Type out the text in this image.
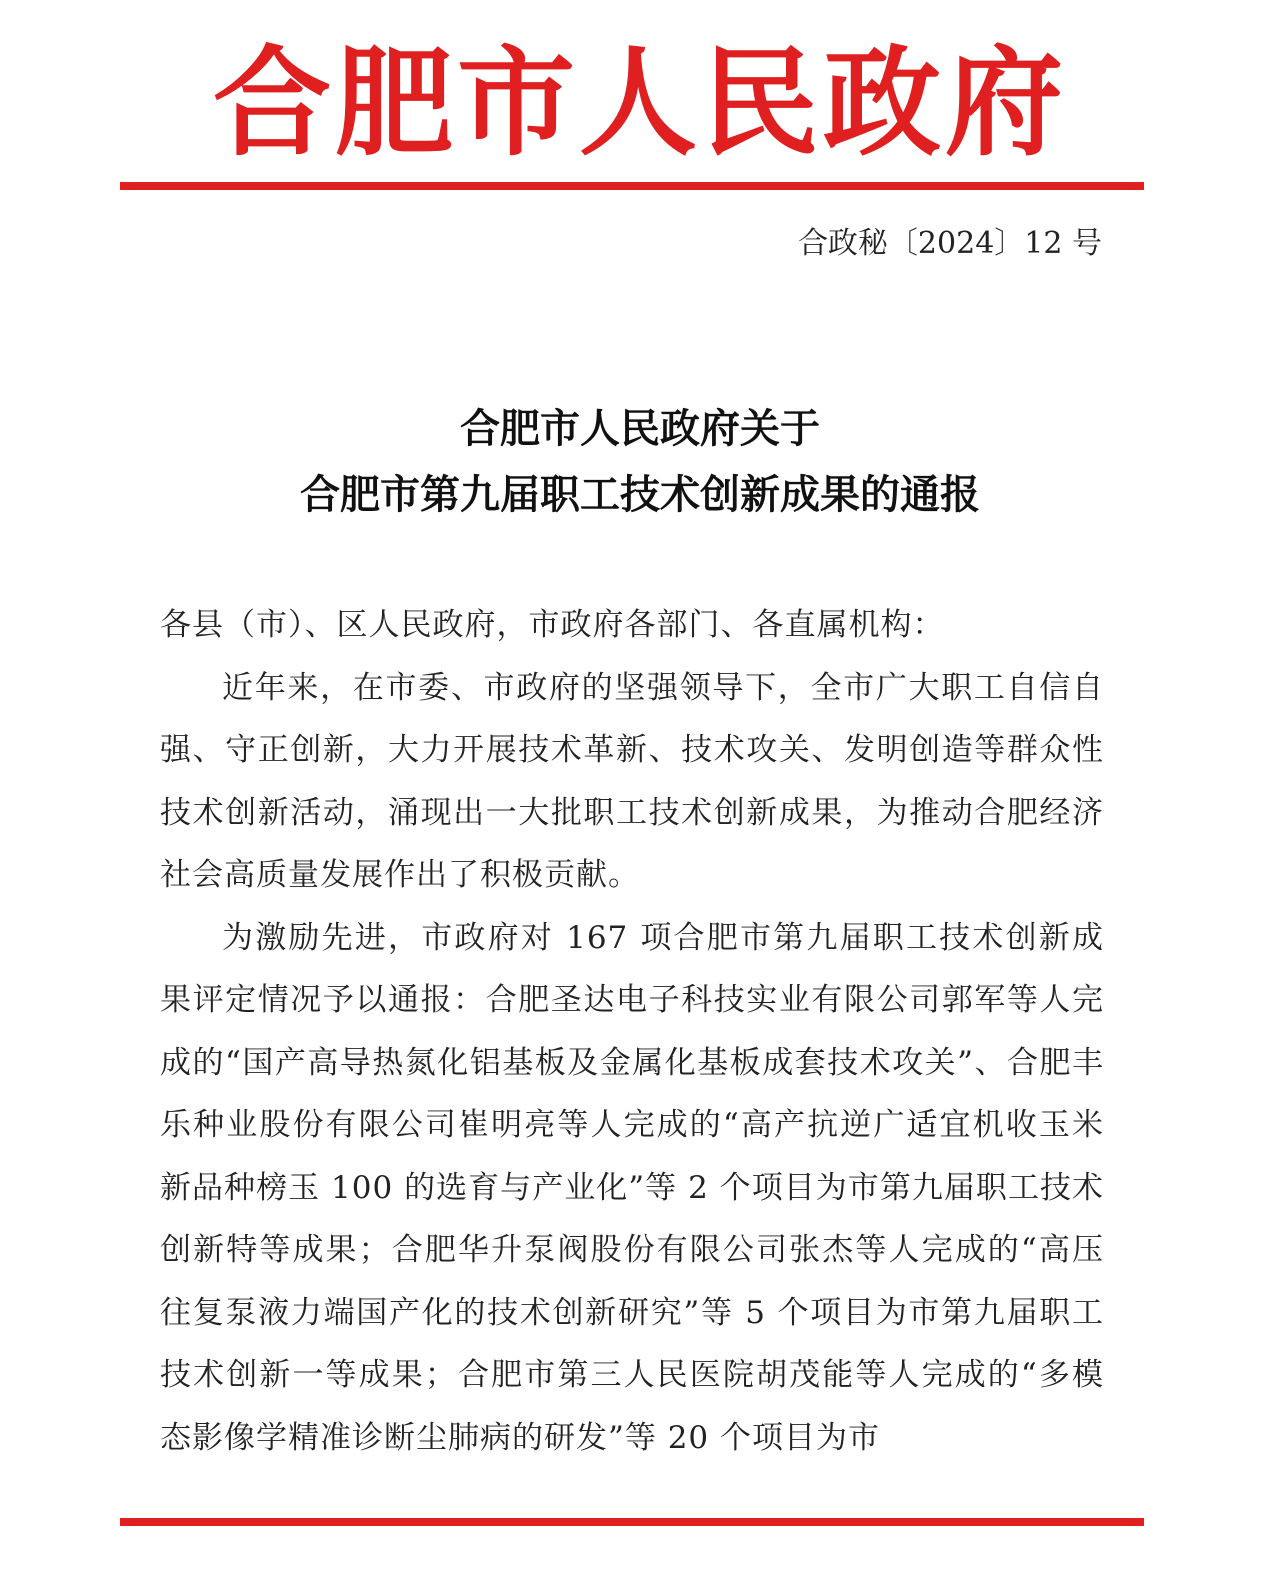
合肥市人民政府
合政秘〔2024〕12 号
合肥市人民政府关于
合肥市第九届职工技术创新成果的通报

各县（市）、区人民政府，市政府各部门、各直属机构：

近年来，在市委、市政府的坚强领导下，全市广大职工自信自强、守正创新，大力开展技术革新、技术攻关、发明创造等群众性技术创新活动，涌现出一大批职工技术创新成果，为推动合肥经济社会高质量发展作出了积极贡献。

为激励先进，市政府对 167 项合肥市第九届职工技术创新成果评定情况予以通报：合肥圣达电子科技实业有限公司郭军等人完成的“国产高导热氮化铝基板及金属化基板成套技术攻关”、合肥丰乐种业股份有限公司崔明亮等人完成的“高产抗逆广适宜机收玉米新品种榜玉 100 的选育与产业化”等 2 个项目为市第九届职工技术创新特等成果；合肥华升泵阀股份有限公司张杰等人完成的“高压往复泵液力端国产化的技术创新研究”等 5 个项目为市第九届职工技术创新一等成果；合肥市第三人民医院胡茂能等人完成的“多模态影像学精准诊断尘肺病的研发”等 20 个项目为市
